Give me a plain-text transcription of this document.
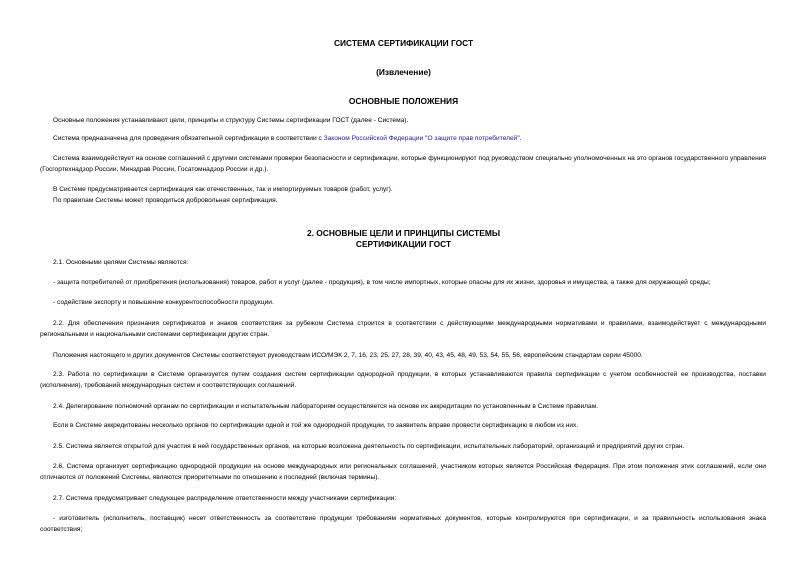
СИСТЕМА СЕРТИФИКАЦИИ ГОСТ

(Извлечение)

ОСНОВНЫЕ ПОЛОЖЕНИЯ

Основные положения устанавливают цели, принципы и структуру Системы сертификации ГОСТ (далее - Система).

Система предназначена для проведения обязательной сертификации в соответствии с Законом Российской Федерации "О защите прав потребителей".

Система взаимодействует на основе соглашений с другими системами проверки безопасности и сертификации, которые функционируют под руководством специально уполномоченных на это органов государственного управления (Госгортехнадзор России, Минздрав России, Госатомнадзор России и др.).

В Системе предусматривается сертификация как отечественных, так и импортируемых товаров (работ, услуг).

По правилам Системы может проводиться добровольная сертификация.

2. ОСНОВНЫЕ ЦЕЛИ И ПРИНЦИПЫ СИСТЕМЫ
СЕРТИФИКАЦИИ ГОСТ

2.1. Основными целями Системы являются:

- защита потребителей от приобретения (использования) товаров, работ и услуг (далее - продукция), в том числе импортных, которые опасны для их жизни, здоровья и имущества, а также для окружающей среды;

- содействие экспорту и повышение конкурентоспособности продукции.

2.2. Для обеспечения признания сертификатов и знаков соответствия за рубежом Система строится в соответствии с действующими международными нормативами и правилами, взаимодействует с международными региональными и национальными системами сертификации других стран.

Положения настоящего и других документов Системы соответствуют руководствам ИСО/МЭК 2, 7, 16, 23, 25, 27, 28, 39, 40, 43, 45, 48, 49, 53, 54, 55, 56, европейским стандартам серии 45000.

2.3. Работа по сертификации в Системе организуется путем создания систем сертификации однородной продукции, в которых устанавливаются правила сертификации с учетом особенностей ее производства, поставки (исполнения), требований международных систем и соответствующих соглашений.

2.4. Делегирование полномочий органам по сертификации и испытательным лабораториям осуществляется на основе их аккредитации по установленным в Системе правилам.

Если в Системе аккредитованы несколько органов по сертификации одной и той же однородной продукции, то заявитель вправе провести сертификацию в любом из них.

2.5. Система является открытой для участия в ней государственных органов, на которые возложена деятельность по сертификации, испытательных лабораторий, организаций и предприятий других стран.

2.6. Система организует сертификацию однородной продукции на основе международных или региональных соглашений, участником которых является Российская Федерация. При этом положения этих соглашений, если они отличаются от положений Системы, являются приоритетными по отношению к последней (включая термины).

2.7. Система предусматривает следующее распределение ответственности между участниками сертификации:

- изготовитель (исполнитель, поставщик) несет ответственность за соответствие продукции требованиям нормативных документов, которые контролируются при сертификации, и за правильность использования знака соответствия;
